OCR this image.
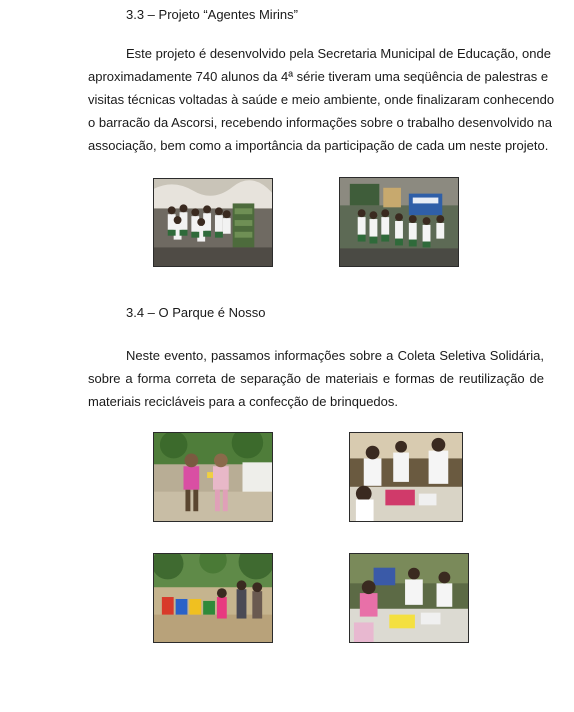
3.3 – Projeto “Agentes Mirins”
Este projeto é desenvolvido pela Secretaria Municipal de Educação, onde
aproximadamente 740 alunos da 4ª série tiveram uma seqüência de palestras e
visitas técnicas voltadas à saúde e meio ambiente, onde finalizaram conhecendo
o barracão da Ascorsi, recebendo informações sobre o trabalho desenvolvido na
associação, bem como a importância da participação de cada um neste projeto.
3.4 – O Parque é Nosso
Neste evento, passamos informações sobre a Coleta Seletiva Solidária,
sobre a forma correta de separação de materiais e formas de reutilização de
materiais recicláveis para a confecção de brinquedos.
